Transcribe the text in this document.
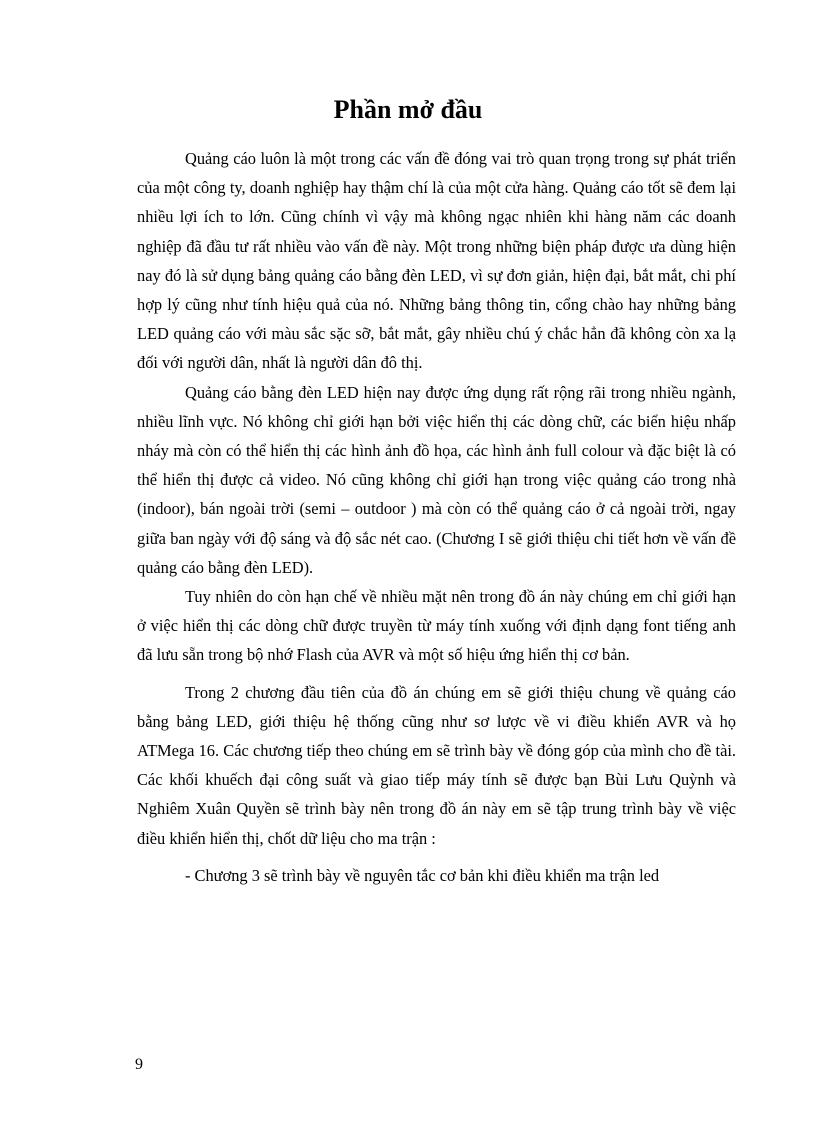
Phần mở đầu

Quảng cáo luôn là một trong các vấn đề đóng vai trò quan trọng trong sự phát triển của một công ty, doanh nghiệp hay thậm chí là của một cửa hàng. Quảng cáo tốt sẽ đem lại nhiều lợi ích to lớn. Cũng chính vì vậy mà không ngạc nhiên khi hàng năm các doanh nghiệp đã đầu tư rất nhiều vào vấn đề này. Một trong những biện pháp được ưa dùng hiện nay đó là sử dụng bảng quảng cáo bằng đèn LED, vì sự đơn giản, hiện đại, bắt mắt, chi phí hợp lý cũng như tính hiệu quả của nó. Những bảng thông tin, cổng chào hay những bảng LED quảng cáo với màu sắc sặc sỡ, bắt mắt, gây nhiều chú ý chắc hẳn đã không còn xa lạ đối với người dân, nhất là người dân đô thị.

Quảng cáo bằng đèn LED hiện nay được ứng dụng rất rộng rãi trong nhiều ngành, nhiều lĩnh vực. Nó không chỉ giới hạn bởi việc hiển thị các dòng chữ, các biển hiệu nhấp nháy mà còn có thể hiển thị các hình ảnh đồ họa, các hình ảnh full colour và đặc biệt là có thể hiển thị được cả video. Nó cũng không chỉ giới hạn trong việc quảng cáo trong nhà (indoor), bán ngoài trời (semi – outdoor ) mà còn có thể quảng cáo ở cả ngoài trời, ngay giữa ban ngày với độ sáng và độ sắc nét cao. (Chương I sẽ giới thiệu chi tiết hơn về vấn đề quảng cáo bằng đèn LED).

Tuy nhiên do còn hạn chế về nhiều mặt nên trong đồ án này chúng em chỉ giới hạn ở việc hiển thị các dòng chữ được truyền từ máy tính xuống với định dạng font tiếng anh đã lưu sẵn trong bộ nhớ Flash của AVR và một số hiệu ứng hiển thị cơ bản.

Trong 2 chương đầu tiên của đồ án chúng em sẽ giới thiệu chung về quảng cáo bằng bảng LED, giới thiệu hệ thống cũng như sơ lược về vi điều khiển AVR và họ ATMega 16. Các chương tiếp theo chúng em sẽ trình bày về đóng góp của mình cho đề tài. Các khối khuếch đại công suất và giao tiếp máy tính sẽ được bạn Bùi Lưu Quỳnh và Nghiêm Xuân Quyền sẽ trình bày nên trong đồ án này em sẽ tập trung trình bày về việc điều khiển hiển thị, chốt dữ liệu cho ma trận :

- Chương 3 sẽ trình bày về nguyên tắc cơ bản khi điều khiển ma trận led

9
